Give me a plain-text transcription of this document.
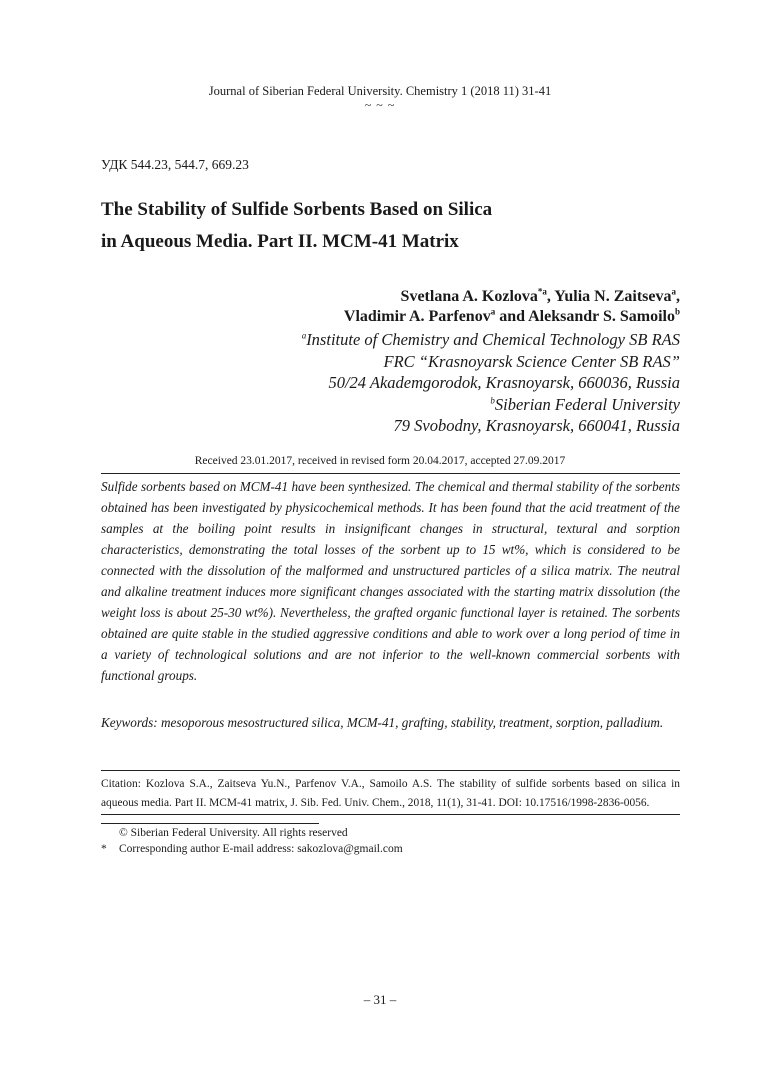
Journal of Siberian Federal University. Chemistry 1 (2018 11) 31-41
~ ~ ~
УДК 544.23, 544.7, 669.23
The Stability of Sulfide Sorbents Based on Silica
in Aqueous Media. Part II. MCM-41 Matrix
Svetlana A. Kozlova$^{*a}$, Yulia N. Zaitseva$^a$,
Vladimir A. Parfenov$^a$ and Aleksandr S. Samoilo$^b$
$^a$Institute of Chemistry and Chemical Technology SB RAS
FRC “Krasnoyarsk Science Center SB RAS”
50/24 Akademgorodok, Krasnoyarsk, 660036, Russia
$^b$Siberian Federal University
79 Svobodny, Krasnoyarsk, 660041, Russia
Received 23.01.2017, received in revised form 20.04.2017, accepted 27.09.2017
Sulfide sorbents based on MCM-41 have been synthesized. The chemical and thermal stability of the sorbents obtained has been investigated by physicochemical methods. It has been found that the acid treatment of the samples at the boiling point results in insignificant changes in structural, textural and sorption characteristics, demonstrating the total losses of the sorbent up to 15 wt%, which is considered to be connected with the dissolution of the malformed and unstructured particles of a silica matrix. The neutral and alkaline treatment induces more significant changes associated with the starting matrix dissolution (the weight loss is about 25-30 wt%). Nevertheless, the grafted organic functional layer is retained. The sorbents obtained are quite stable in the studied aggressive conditions and able to work over a long period of time in a variety of technological solutions and are not inferior to the well-known commercial sorbents with functional groups.
Keywords: mesoporous mesostructured silica, MCM-41, grafting, stability, treatment, sorption, palladium.
Citation: Kozlova S.A., Zaitseva Yu.N., Parfenov V.A., Samoilo A.S. The stability of sulfide sorbents based on silica in aqueous media. Part II. MCM-41 matrix, J. Sib. Fed. Univ. Chem., 2018, 11(1), 31-41. DOI: 10.17516/1998-2836-0056.
© Siberian Federal University. All rights reserved
* Corresponding author E-mail address: sakozlova@gmail.com
– 31 –
